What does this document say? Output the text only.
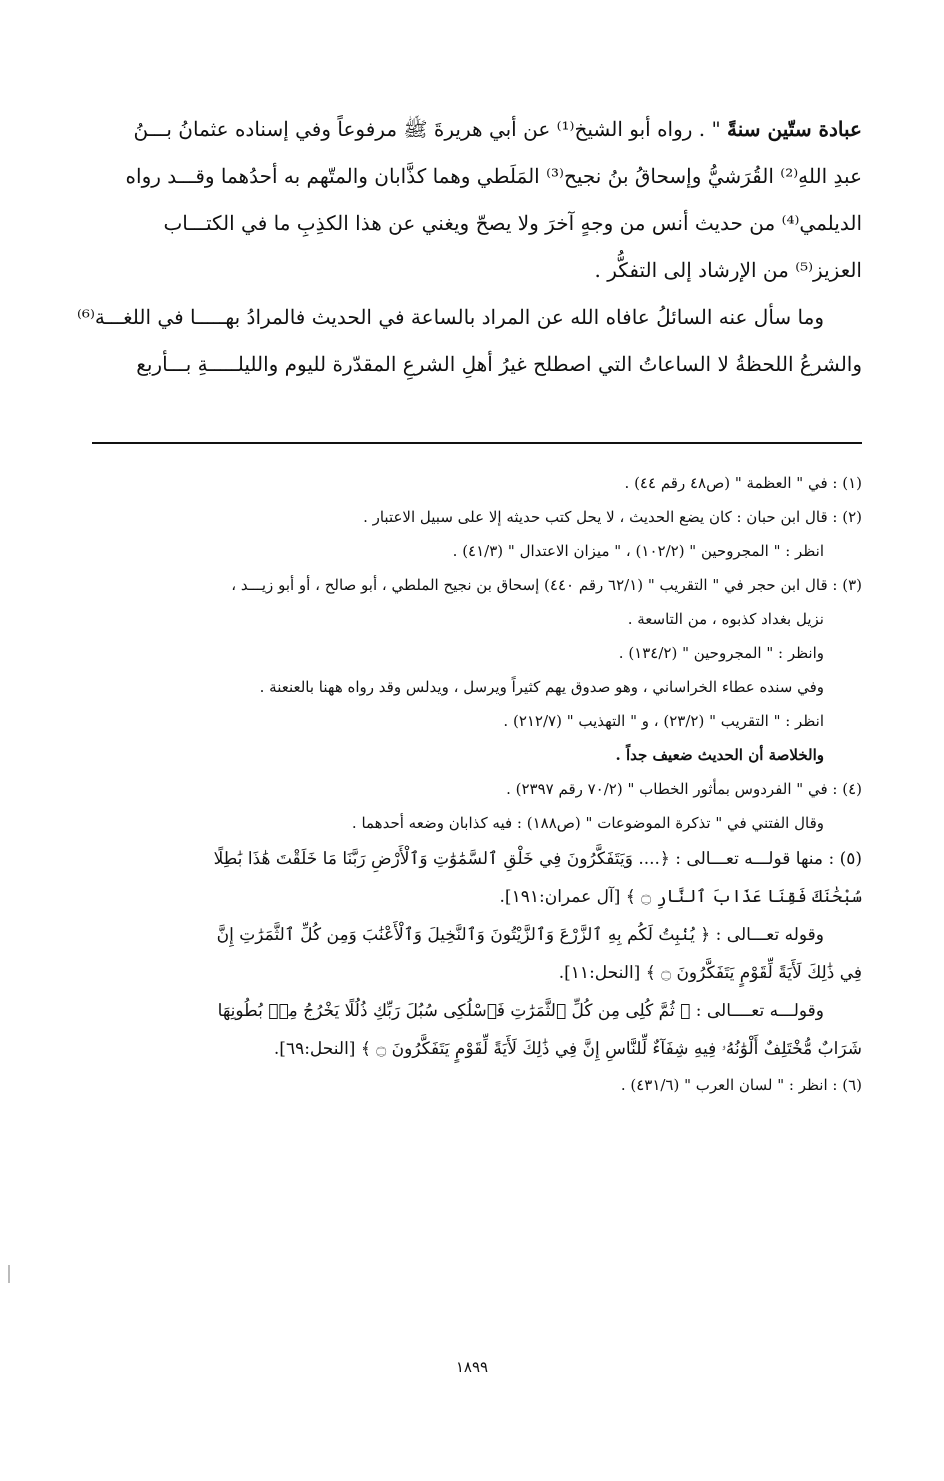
عبادة ستّين سنةً " . رواه أبو الشيخ⁽¹⁾ عن أبي هريرةَ ﷺ مرفوعاً وفي إسناده عثمانُ بـــنُ
عبدِ اللهِ⁽²⁾ القُرَشيُّ وإسحاقُ بنُ نجيح⁽³⁾ المَلَطي وهما كذَّابان والمتّهم به أحدُهما وقـــد رواه
الديلمي⁽⁴⁾ من حديث أنس من وجهٍ آخرَ ولا يصحّ ويغني عن هذا الكذِبِ ما في الكتـــاب
العزيز⁽⁵⁾ من الإرشاد إلى التفكُّر .
وما سأل عنه السائلُ عافاه الله عن المراد بالساعة في الحديث فالمرادُ بهـــــا في اللغـــة⁽⁶⁾
والشرعُ اللحظةُ لا الساعاتُ التي اصطلح غيرُ أهلِ الشرعِ المقدّرة لليوم والليلـــــةِ بـــأربع
(١) : في " العظمة " (ص٤٨ رقم ٤٤) .
(٢) : قال ابن حبان : كان يضع الحديث ، لا يحل كتب حديثه إلا على سبيل الاعتبار .
انظر : " المجروحين " (١٠٢/٢) ، " ميزان الاعتدال " (٤١/٣) .
(٣) : قال ابن حجر في " التقريب " (٦٢/١ رقم ٤٤٠) إسحاق بن نجيح الملطي ، أبو صالح ، أو أبو زيـــد ،
نزيل بغداد كذبوه ، من التاسعة .
وانظر : " المجروحين " (١٣٤/٢) .
وفي سنده عطاء الخراساني ، وهو صدوق يهم كثيراً ويرسل ، ويدلس وقد رواه ههنا بالعنعنة .
انظر : " التقريب " (٢٣/٢) ، و " التهذيب " (٢١٢/٧) .
والخلاصة أن الحديث ضعيف جداً .
(٤) : في " الفردوس بمأثور الخطاب " (٧٠/٢ رقم ٢٣٩٧) .
وقال الفتني في " تذكرة الموضوعات " (ص١٨٨) : فيه كذابان وضعه أحدهما .
(٥) : منها قولـــه تعـــالى : ﴿.... وَيَتَفَكَّرُونَ فِي خَلْقِ ٱلسَّمَٰوَٰتِ وَٱلْأَرْضِ رَبَّنَا مَا خَلَقْتَ هَٰذَا بَٰطِلًا
سُبْحَٰنَكَ فَقِنَا عَذَابَ ٱلنَّارِ ۝ ﴾ [آل عمران:١٩١].
وقوله تعـــالى : ﴿ يُنۢبِتُ لَكُم بِهِ ٱلزَّرْعَ وَٱلزَّيْتُونَ وَٱلنَّخِيلَ وَٱلْأَعْنَٰبَ وَمِن كُلِّ ٱلثَّمَرَٰتِ إِنَّ
فِي ذَٰلِكَ لَأَيَةً لِّقَوْمٍ يَتَفَكَّرُونَ ۝ ﴾ [النحل:١١].
وقولـــه تعــــالى : ﴿ ثُمَّ كُلِى مِن كُلِّ ٱلثَّمَرَٰتِ فَٱسْلُكِى سُبُلَ رَبِّكِ ذُلُلًا يَخْرُجُ مِنۢ بُطُونِهَا
شَرَابٌ مُّخْتَلِفٌ أَلْوَٰنُهُۥ فِيهِ شِفَآءٌ لِّلنَّاسِ إِنَّ فِي ذَٰلِكَ لَأَيَةً لِّقَوْمٍ يَتَفَكَّرُونَ ۝ ﴾ [النحل:٦٩].
(٦) : انظر : " لسان العرب " (٤٣١/٦) .
١٨٩٩
